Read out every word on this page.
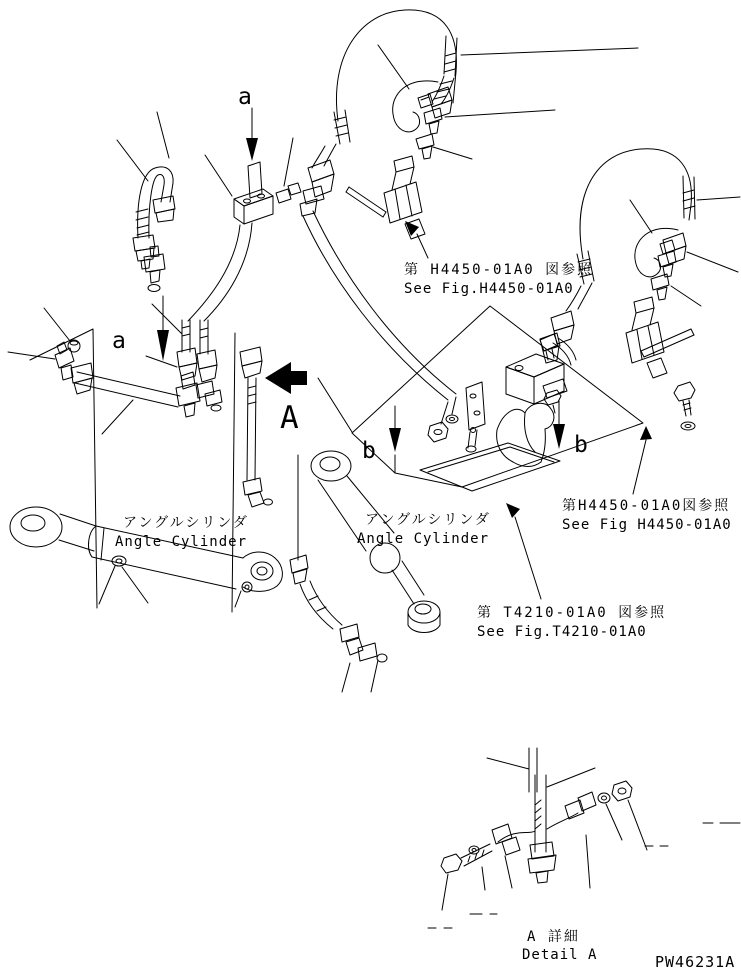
a
a
A
b	b
第 H4450-01A0 図参照
See Fig.H4450-01A0
第H4450-01A0図参照
See Fig H4450-01A0
第 T4210-01A0 図参照
See Fig.T4210-01A0
アングルシリンダ
Angle Cylinder
アングルシリンダ
Angle Cylinder
A 詳細
Detail A	PW46231A
